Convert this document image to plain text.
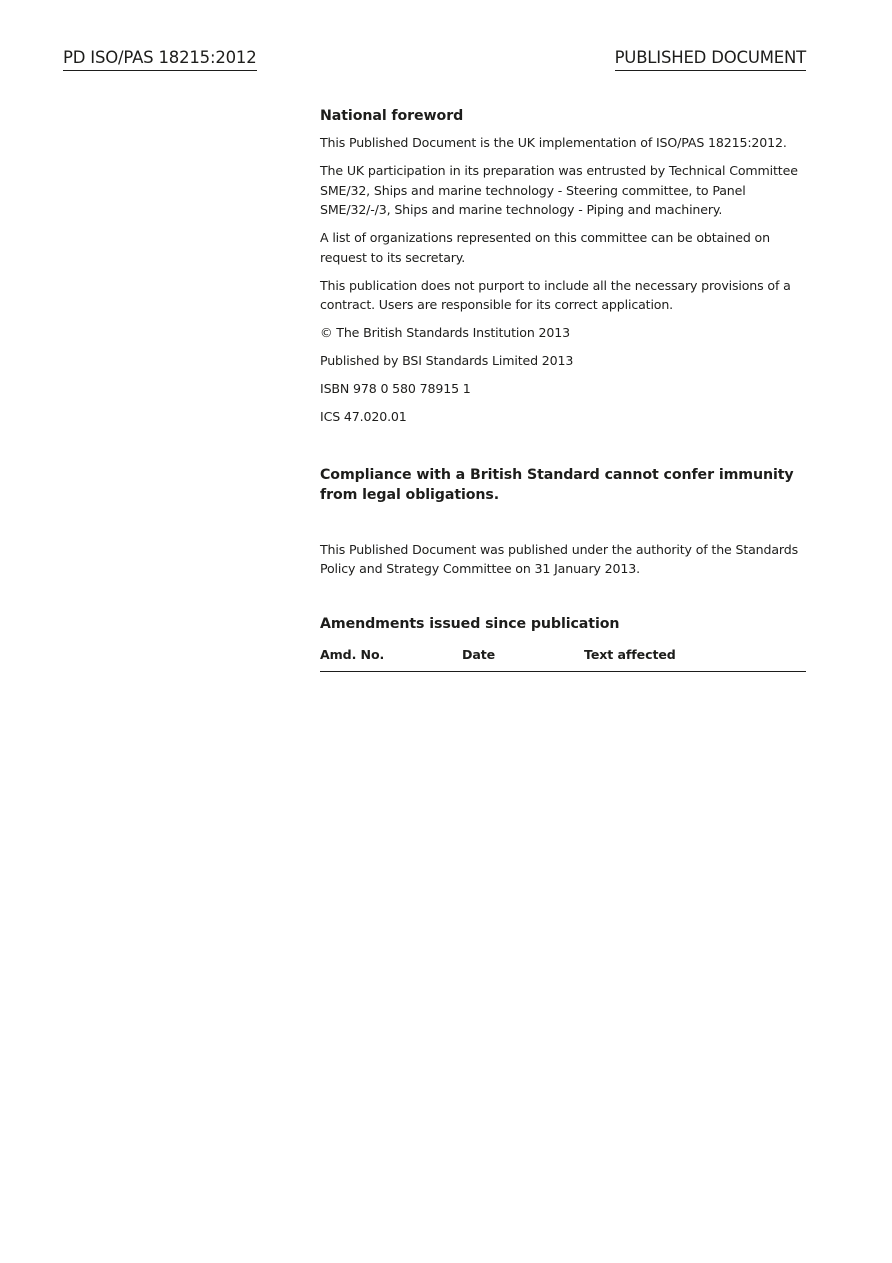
PD ISO/PAS 18215:2012	PUBLISHED DOCUMENT
National foreword
This Published Document is the UK implementation of ISO/PAS 18215:2012.
The UK participation in its preparation was entrusted by Technical Committee SME/32, Ships and marine technology - Steering committee, to Panel SME/32/-/3, Ships and marine technology - Piping and machinery.
A list of organizations represented on this committee can be obtained on request to its secretary.
This publication does not purport to include all the necessary provisions of a contract. Users are responsible for its correct application.
© The British Standards Institution 2013
Published by BSI Standards Limited 2013
ISBN 978 0 580 78915 1
ICS 47.020.01
Compliance with a British Standard cannot confer immunity from legal obligations.
This Published Document was published under the authority of the Standards Policy and Strategy Committee on 31 January 2013.
Amendments issued since publication
Amd. No.	Date	Text affected
